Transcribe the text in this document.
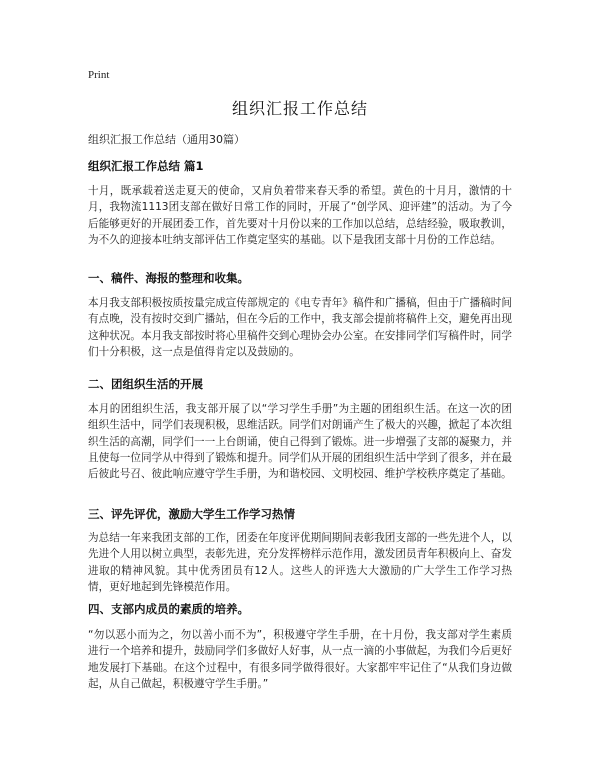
Print
组织汇报工作总结
组织汇报工作总结（通用30篇）
组织汇报工作总结 篇1
十月，既承载着送走夏天的使命，又肩负着带来春天季的希望。黄色的十月月，激情的十月，我物流1113团支部在做好日常工作的同时，开展了“创学风、迎评建”的活动。为了今后能够更好的开展团委工作，首先要对十月份以来的工作加以总结，总结经验，吸取教训，为不久的迎接本吐纳支部评估工作奠定坚实的基础。以下是我团支部十月份的工作总结。
一、稿件、海报的整理和收集。
本月我支部积极按质按量完成宣传部规定的《电专青年》稿件和广播稿，但由于广播稿时间有点晚，没有按时交到广播站，但在今后的工作中，我支部会提前将稿件上交，避免再出现这种状况。本月我支部按时将心里稿件交到心理协会办公室。在安排同学们写稿件时，同学们十分积极，这一点是值得肯定以及鼓励的。
二、团组织生活的开展
本月的团组织生活，我支部开展了以“学习学生手册”为主题的团组织生活。在这一次的团组织生活中，同学们表现积极，思维活跃。同学们对朗诵产生了极大的兴趣，掀起了本次组织生活的高潮，同学们一一上台朗诵，使自己得到了锻炼。进一步增强了支部的凝聚力，并且使每一位同学从中得到了锻炼和提升。同学们从开展的团组织生活中学到了很多，并在最后彼此号召、彼此响应遵守学生手册，为和谐校园、文明校园、维护学校秩序奠定了基础。
三、评先评优，激励大学生工作学习热情
为总结一年来我团支部的工作，团委在年度评优期间期间表彰我团支部的一些先进个人，以先进个人用以树立典型，表彰先进，充分发挥榜样示范作用，激发团员青年积极向上、奋发进取的精神风貌。其中优秀团员有12人。这些人的评选大大激励的广大学生工作学习热情，更好地起到先锋模范作用。
四、支部内成员的素质的培养。
“勿以恶小而为之，勿以善小而不为”，积极遵守学生手册，在十月份，我支部对学生素质进行一个培养和提升，鼓励同学们多做好人好事，从一点一滴的小事做起，为我们今后更好地发展打下基础。在这个过程中，有很多同学做得很好。大家都牢牢记住了“从我们身边做起，从自己做起，积极遵守学生手册。”
